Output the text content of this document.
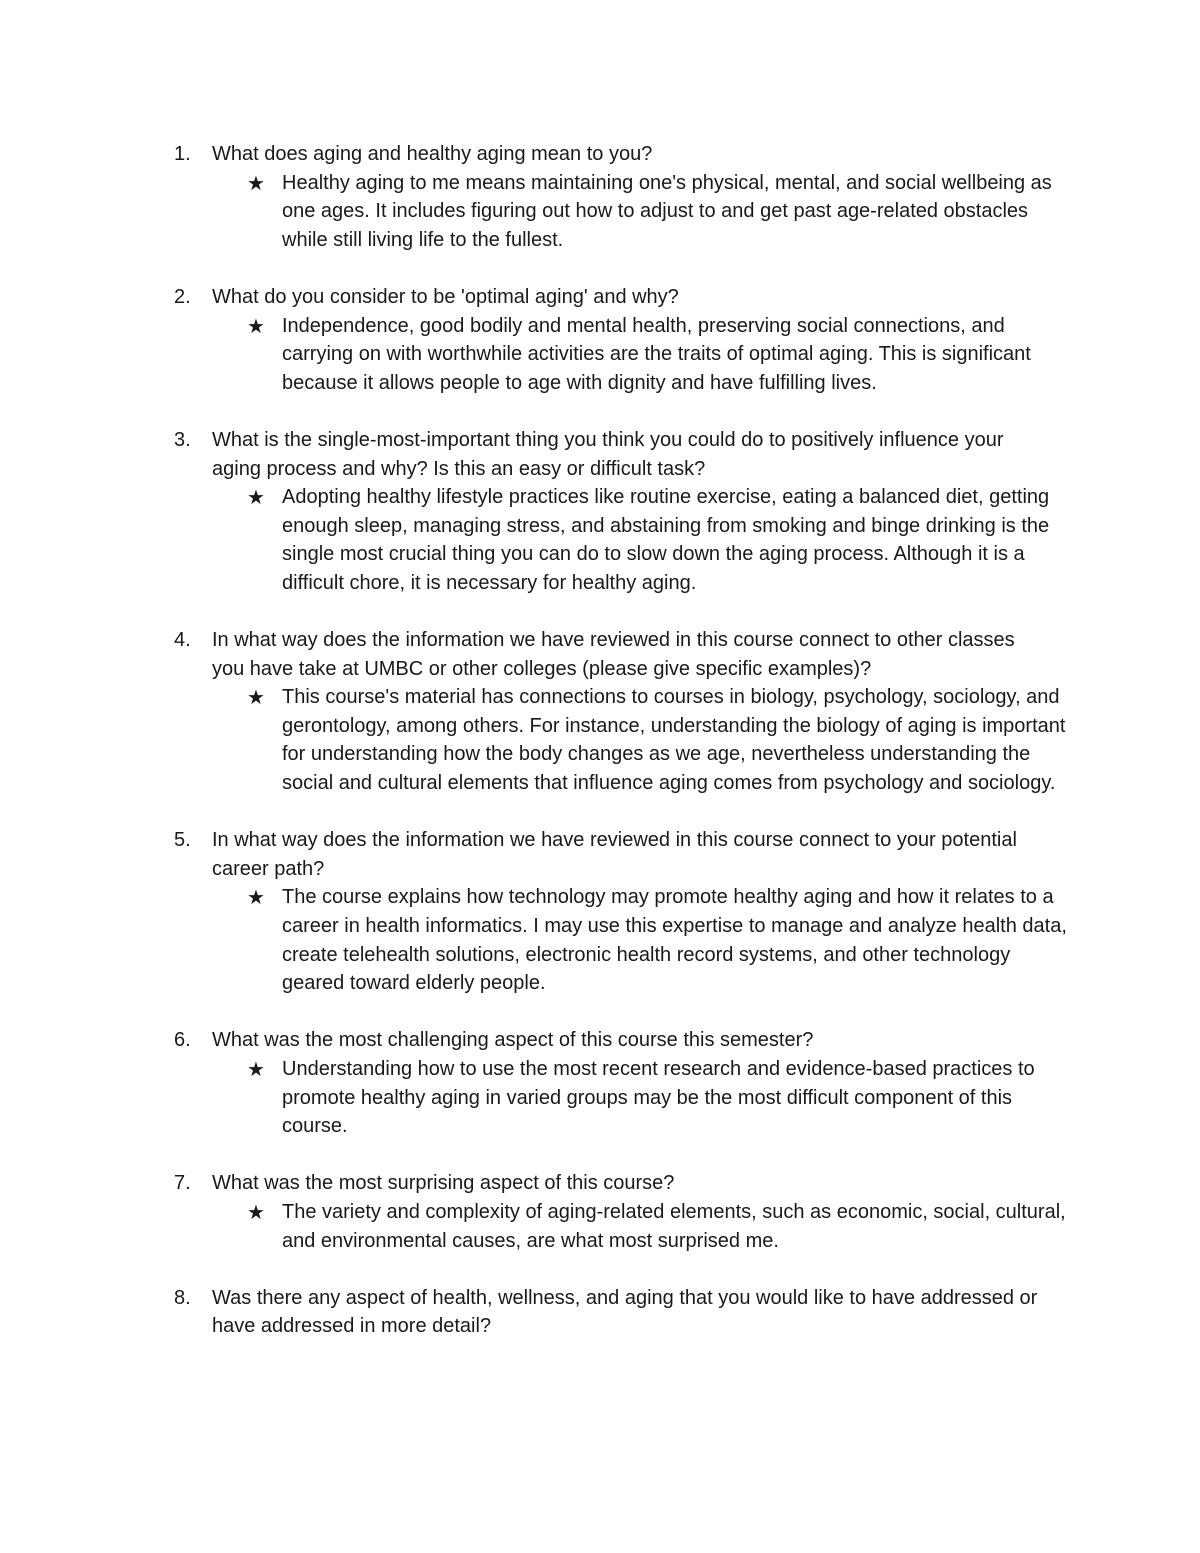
1.	What does aging and healthy aging mean to you?
★ Healthy aging to me means maintaining one's physical, mental, and social wellbeing as one ages. It includes figuring out how to adjust to and get past age-related obstacles while still living life to the fullest.
2.	What do you consider to be 'optimal aging' and why?
★ Independence, good bodily and mental health, preserving social connections, and carrying on with worthwhile activities are the traits of optimal aging. This is significant because it allows people to age with dignity and have fulfilling lives.
3.	What is the single-most-important thing you think you could do to positively influence your aging process and why? Is this an easy or difficult task?
★ Adopting healthy lifestyle practices like routine exercise, eating a balanced diet, getting enough sleep, managing stress, and abstaining from smoking and binge drinking is the single most crucial thing you can do to slow down the aging process. Although it is a difficult chore, it is necessary for healthy aging.
4.	In what way does the information we have reviewed in this course connect to other classes you have take at UMBC or other colleges (please give specific examples)?
★ This course's material has connections to courses in biology, psychology, sociology, and gerontology, among others. For instance, understanding the biology of aging is important for understanding how the body changes as we age, nevertheless understanding the social and cultural elements that influence aging comes from psychology and sociology.
5.	In what way does the information we have reviewed in this course connect to your potential career path?
★ The course explains how technology may promote healthy aging and how it relates to a career in health informatics. I may use this expertise to manage and analyze health data, create telehealth solutions, electronic health record systems, and other technology geared toward elderly people.
6.	What was the most challenging aspect of this course this semester?
★ Understanding how to use the most recent research and evidence-based practices to promote healthy aging in varied groups may be the most difficult component of this course.
7.	What was the most surprising aspect of this course?
★ The variety and complexity of aging-related elements, such as economic, social, cultural, and environmental causes, are what most surprised me.
8.	Was there any aspect of health, wellness, and aging that you would like to have addressed or have addressed in more detail?
